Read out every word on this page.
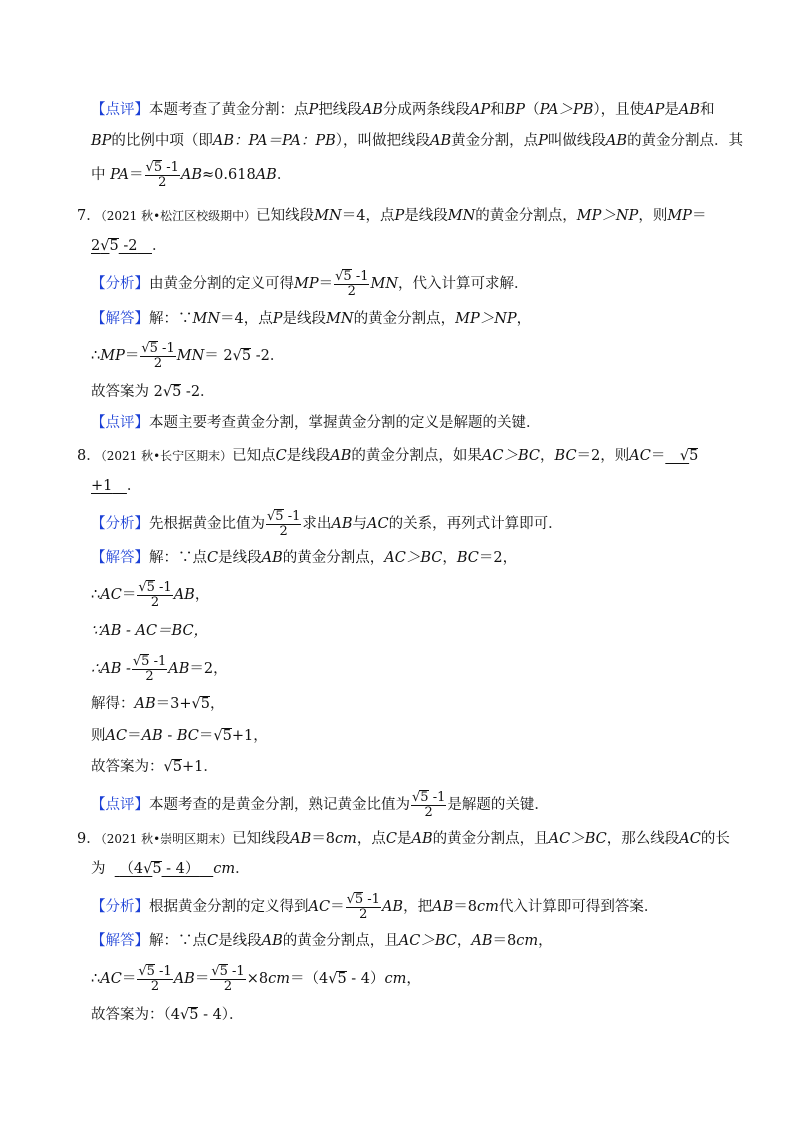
【点评】本题考查了黄金分割：点P把线段AB分成两条线段AP和BP（PA＞PB），且使AP是AB和
BP的比例中项（即AB：PA＝PA：PB），叫做把线段AB黄金分割，点P叫做线段AB的黄金分割点．其
中 $PA= \frac{√5 -1}{2} AB\approx 0.618AB$．
7．（2021 秋•松江区校级期中）已知线段MN＝4，点P是线段MN的黄金分割点，MP＞NP，则MP＝
2√5 -2__．
【分析】由黄金分割的定义可得$MP= \frac{√5 -1}{2}$ MN，代入计算可求解．
【解答】解：∵MN＝4，点P是线段MN的黄金分割点，MP＞NP，
∴MP＝ $\frac{√5 -1}{2} MN= 2√5$ -2．
故答案为 2√5 -2．
【点评】本题主要考查黄金分割，掌握黄金分割的定义是解题的关键．
8．（2021 秋•长宁区期末）已知点C是线段AB的黄金分割点，如果AC＞BC，BC＝2，则AC＝__√5
+1__．
【分析】先根据黄金比值为 $\frac{√5 -1}{2}$ 求出AB与AC的关系，再列式计算即可．
【解答】解：∵点C是线段AB的黄金分割点，AC＞BC，BC＝2，
∴AC＝ $\frac{√5 -1}{2}$ AB，
∵AB - AC＝BC，
∴AB - $\frac{√5 -1}{2} AB=2$，
解得：AB＝3+√5，
则AC＝AB - BC＝√5+1，
故答案为：√5+1．
【点评】本题考查的是黄金分割，熟记黄金比值为 $\frac{√5 -1}{2}$ 是解题的关键．
9．（2021 秋•崇明区期末）已知线段AB＝8cm，点C是AB的黄金分割点，且AC＞BC，那么线段AC的长
为 （4√5 - 4） cm．
【分析】根据黄金分割的定义得到$AC= \frac{√5 -1}{2}$ AB，把AB＝8cm代入计算即可得到答案．
【解答】解：∵点C是线段AB的黄金分割点，且AC＞BC，AB＝8cm，
∴AC＝ $\frac{√5 -1}{2} AB= \frac{√5 -1}{2} \times 8cm=(4√5 - 4)cm$，
故答案为：（4√5 - 4）．
